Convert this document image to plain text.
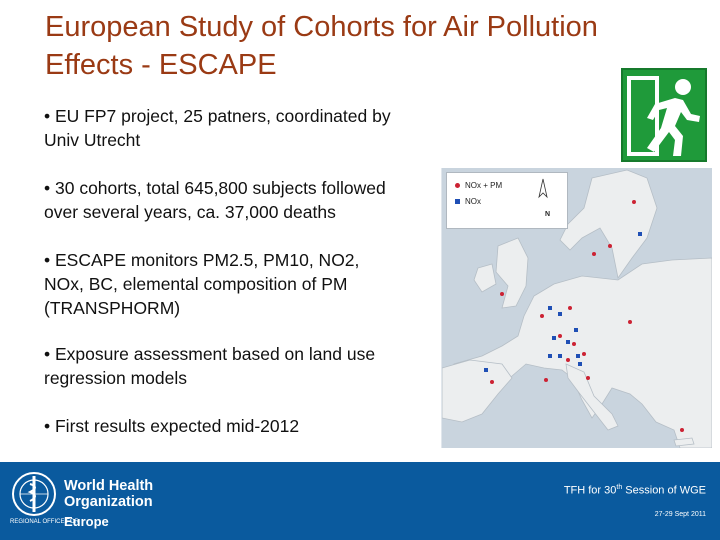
European Study of Cohorts for Air Pollution Effects - ESCAPE
• EU FP7 project, 25 patners, coordinated by
Univ Utrecht
• 30 cohorts, total 645,800 subjects followed
over several years, ca. 37,000 deaths
• ESCAPE monitors PM2.5, PM10, NO2,
NOx, BC, elemental composition of PM
(TRANSPHORM)
• Exposure assessment based on land use
regression models
• First results expected mid-2012
NOx + PM
NOx
N
World Health
Organization
REGIONAL OFFICE FOR
Europe
TFH for 30th Session of WGE
27-29 Sept 2011
